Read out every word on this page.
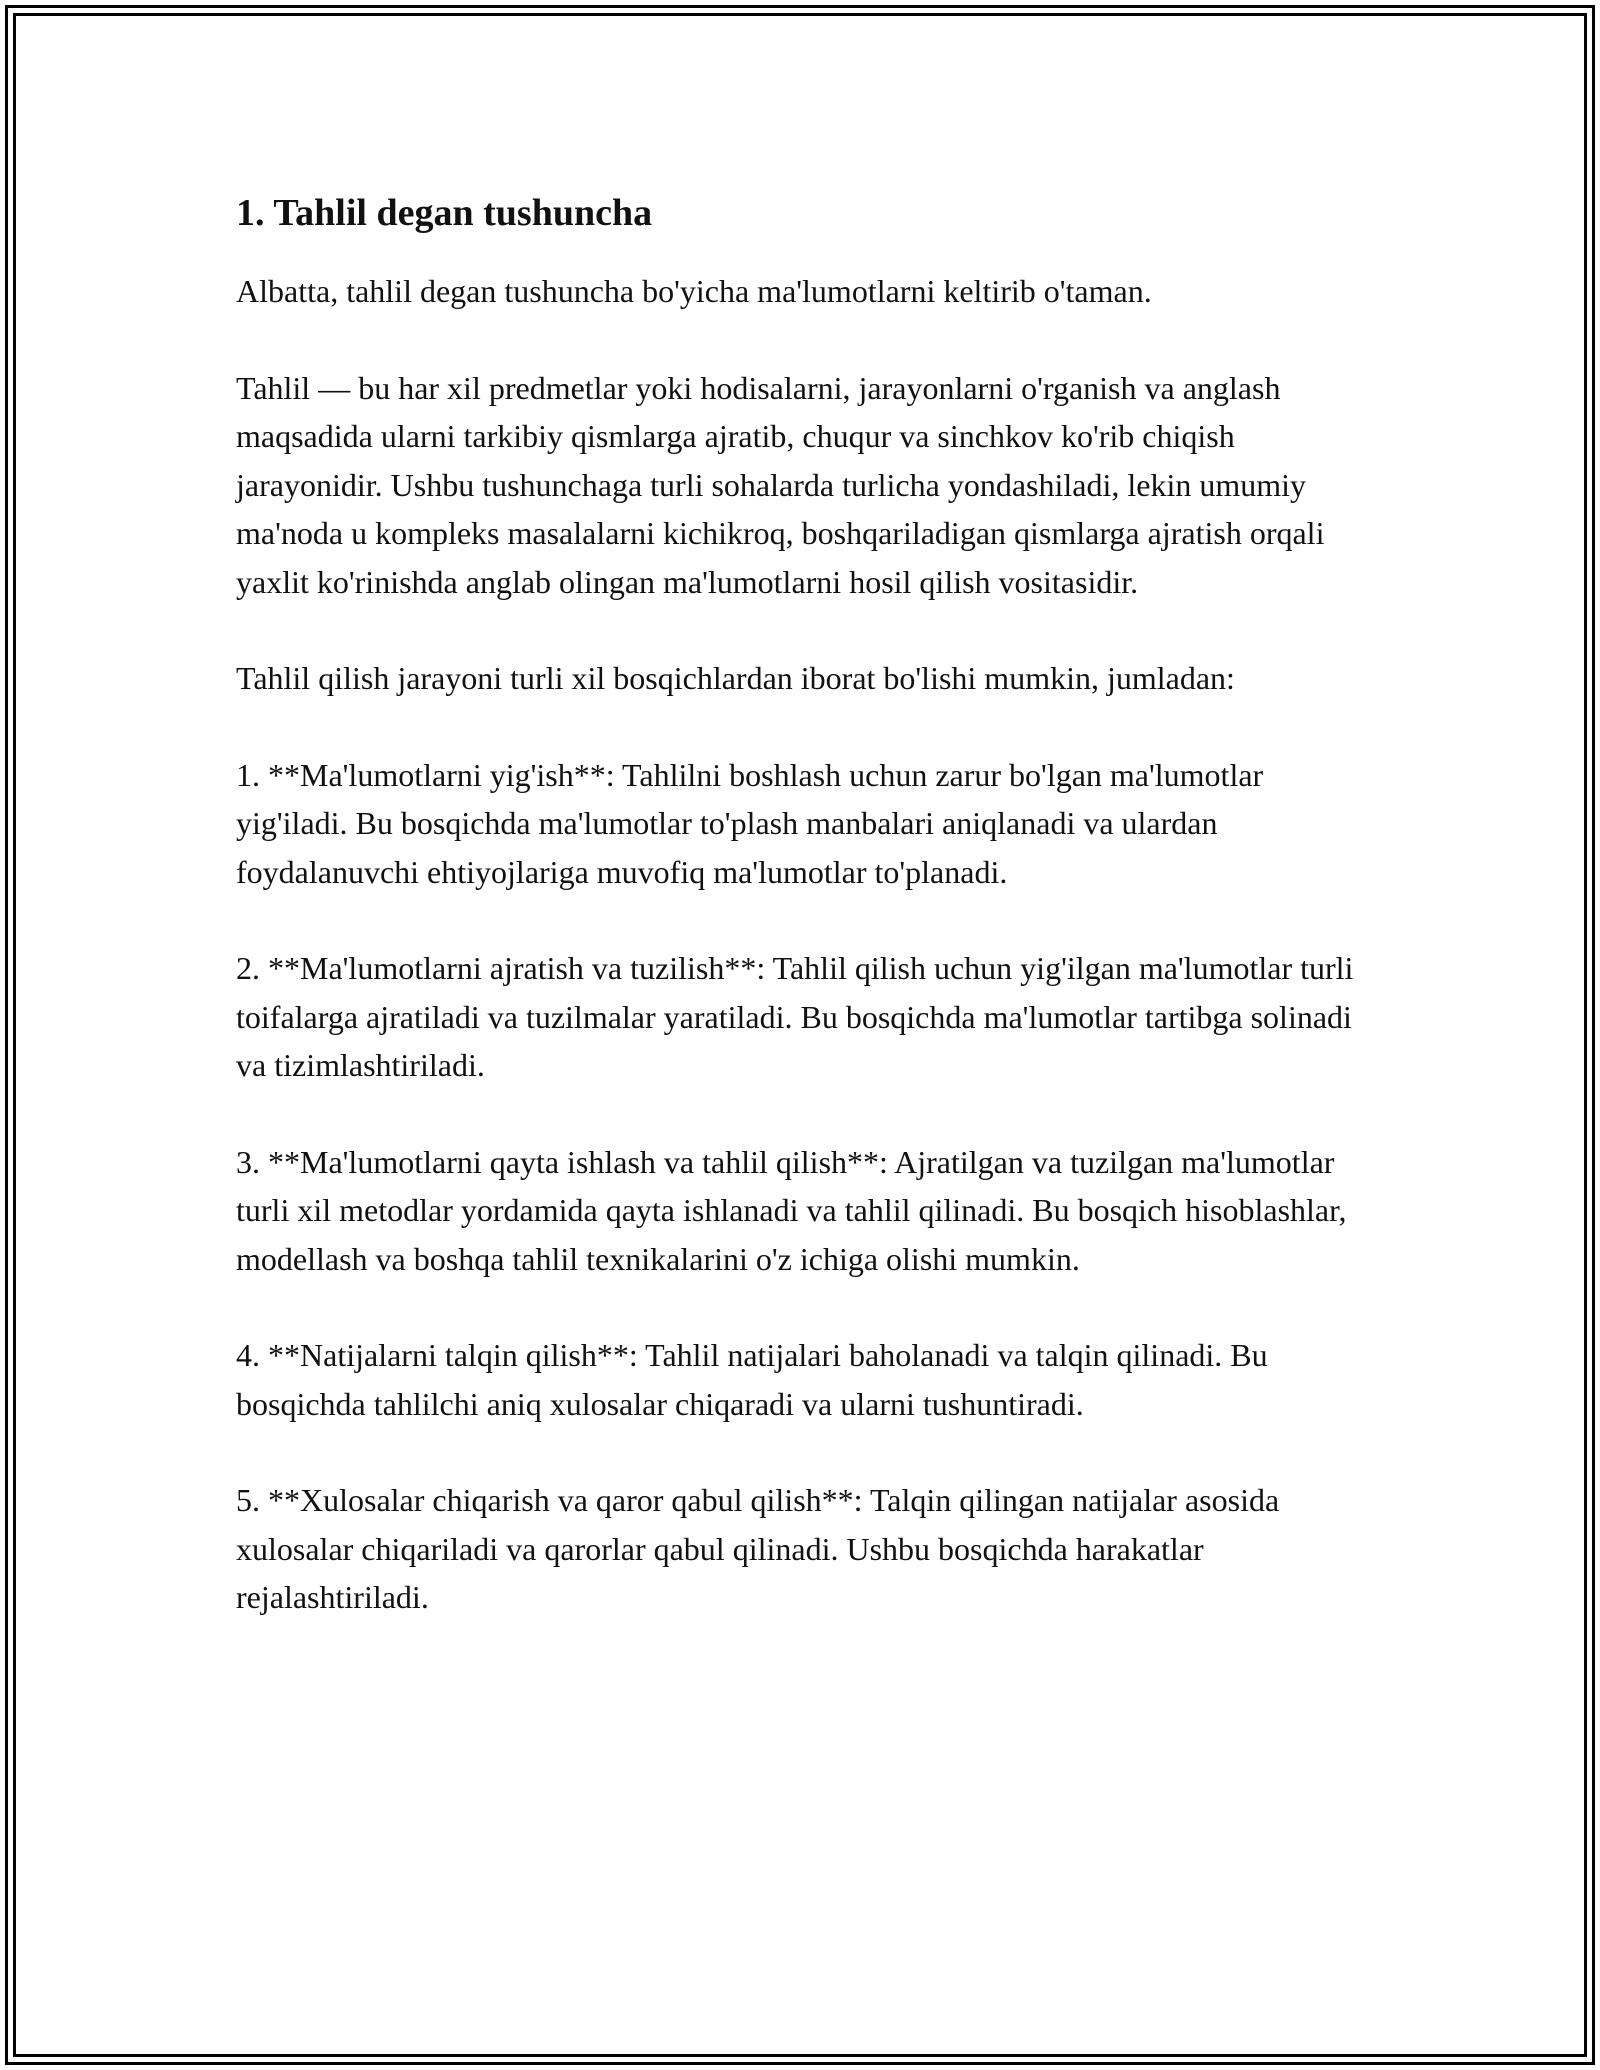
1. Tahlil degan tushuncha

Albatta, tahlil degan tushuncha bo'yicha ma'lumotlarni keltirib o'taman.

Tahlil — bu har xil predmetlar yoki hodisalarni, jarayonlarni o'rganish va anglash maqsadida ularni tarkibiy qismlarga ajratib, chuqur va sinchkov ko'rib chiqish jarayonidir. Ushbu tushunchaga turli sohalarda turlicha yondashiladi, lekin umumiy ma'noda u kompleks masalalarni kichikroq, boshqariladigan qismlarga ajratish orqali yaxlit ko'rinishda anglab olingan ma'lumotlarni hosil qilish vositasidir.

Tahlil qilish jarayoni turli xil bosqichlardan iborat bo'lishi mumkin, jumladan:

1. **Ma'lumotlarni yig'ish**: Tahlilni boshlash uchun zarur bo'lgan ma'lumotlar yig'iladi. Bu bosqichda ma'lumotlar to'plash manbalari aniqlanadi va ulardan foydalanuvchi ehtiyojlariga muvofiq ma'lumotlar to'planadi.

2. **Ma'lumotlarni ajratish va tuzilish**: Tahlil qilish uchun yig'ilgan ma'lumotlar turli toifalarga ajratiladi va tuzilmalar yaratiladi. Bu bosqichda ma'lumotlar tartibga solinadi va tizimlashtiriladi.

3. **Ma'lumotlarni qayta ishlash va tahlil qilish**: Ajratilgan va tuzilgan ma'lumotlar turli xil metodlar yordamida qayta ishlanadi va tahlil qilinadi. Bu bosqich hisoblashlar, modellash va boshqa tahlil texnikalarini o'z ichiga olishi mumkin.

4. **Natijalarni talqin qilish**: Tahlil natijalari baholanadi va talqin qilinadi. Bu bosqichda tahlilchi aniq xulosalar chiqaradi va ularni tushuntiradi.

5. **Xulosalar chiqarish va qaror qabul qilish**: Talqin qilingan natijalar asosida xulosalar chiqariladi va qarorlar qabul qilinadi. Ushbu bosqichda harakatlar rejalashtiriladi.
